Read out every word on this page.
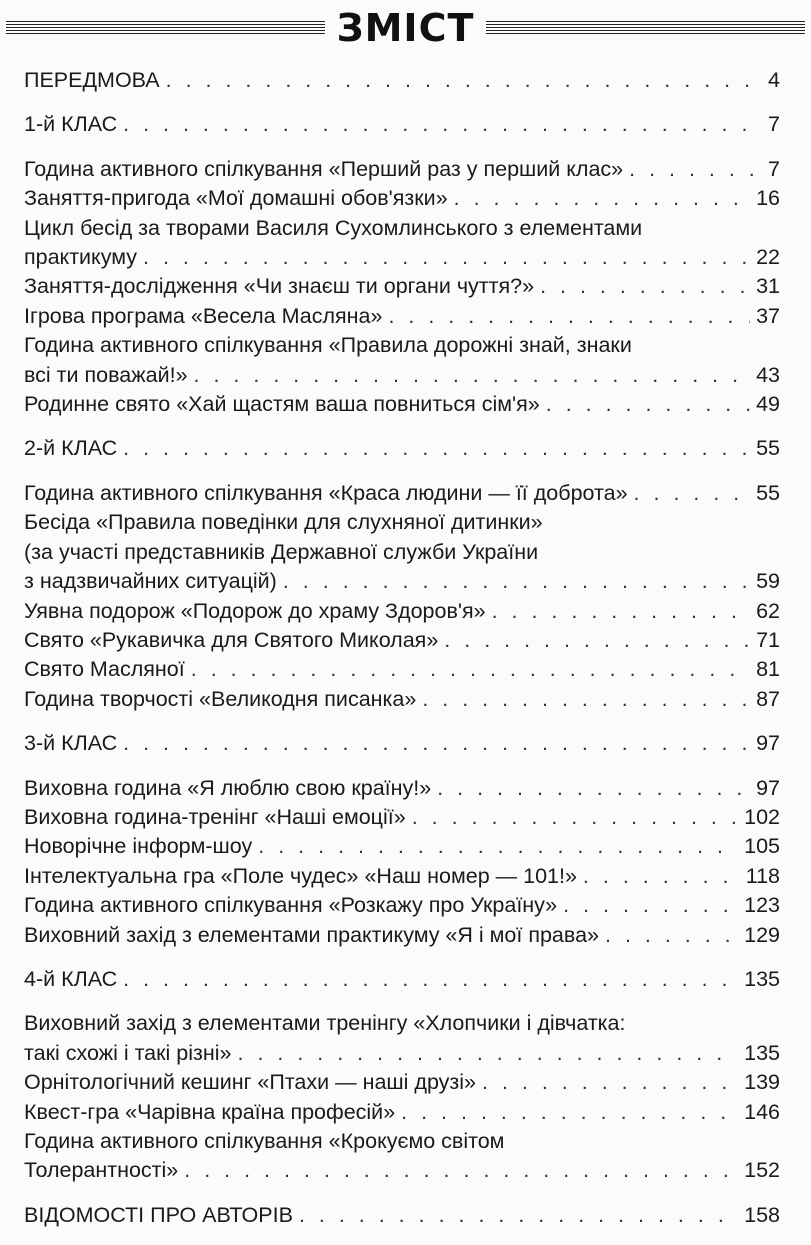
ЗМІСТ
ПЕРЕДМОВА . . .	4
1-й КЛАС . . .	7
Година активного спілкування «Перший раз у перший клас» . . .	7
Заняття-пригода «Мої домашні обов'язки» . . .	16
Цикл бесід за творами Василя Сухомлинського з елементами
практикуму . . .	22
Заняття-дослідження «Чи знаєш ти органи чуття?» . . .	31
Ігрова програма «Весела Масляна» . . .	37
Година активного спілкування «Правила дорожні знай, знаки
всі ти поважай!» . . .	43
Родинне свято «Хай щастям ваша повниться сім'я» . . .	49
2-й КЛАС . . .	55
Година активного спілкування «Краса людини — її доброта» . . .	55
Бесіда «Правила поведінки для слухняної дитинки»
(за участі представників Державної служби України
з надзвичайних ситуацій) . . .	59
Уявна подорож «Подорож до храму Здоров'я» . . .	62
Свято «Рукавичка для Святого Миколая» . . .	71
Свято Масляної . . .	81
Година творчості «Великодня писанка» . . .	87
3-й КЛАС . . .	97
Виховна година «Я люблю свою країну!» . . .	97
Виховна година-тренінг «Наші емоції» . . .	102
Новорічне інформ-шоу . . .	105
Інтелектуальна гра «Поле чудес» «Наш номер — 101!» . . .	118
Година активного спілкування «Розкажу про Україну» . . .	123
Виховний захід з елементами практикуму «Я і мої права» . . .	129
4-й КЛАС . . .	135
Виховний захід з елементами тренінгу «Хлопчики і дівчатка:
такі схожі і такі різні» . . .	135
Орнітологічний кешинг «Птахи — наші друзі» . . .	139
Квест-гра «Чарівна країна професій» . . .	146
Година активного спілкування «Крокуємо світом
Толерантності» . . .	152
ВІДОМОСТІ ПРО АВТОРІВ . . .	158
